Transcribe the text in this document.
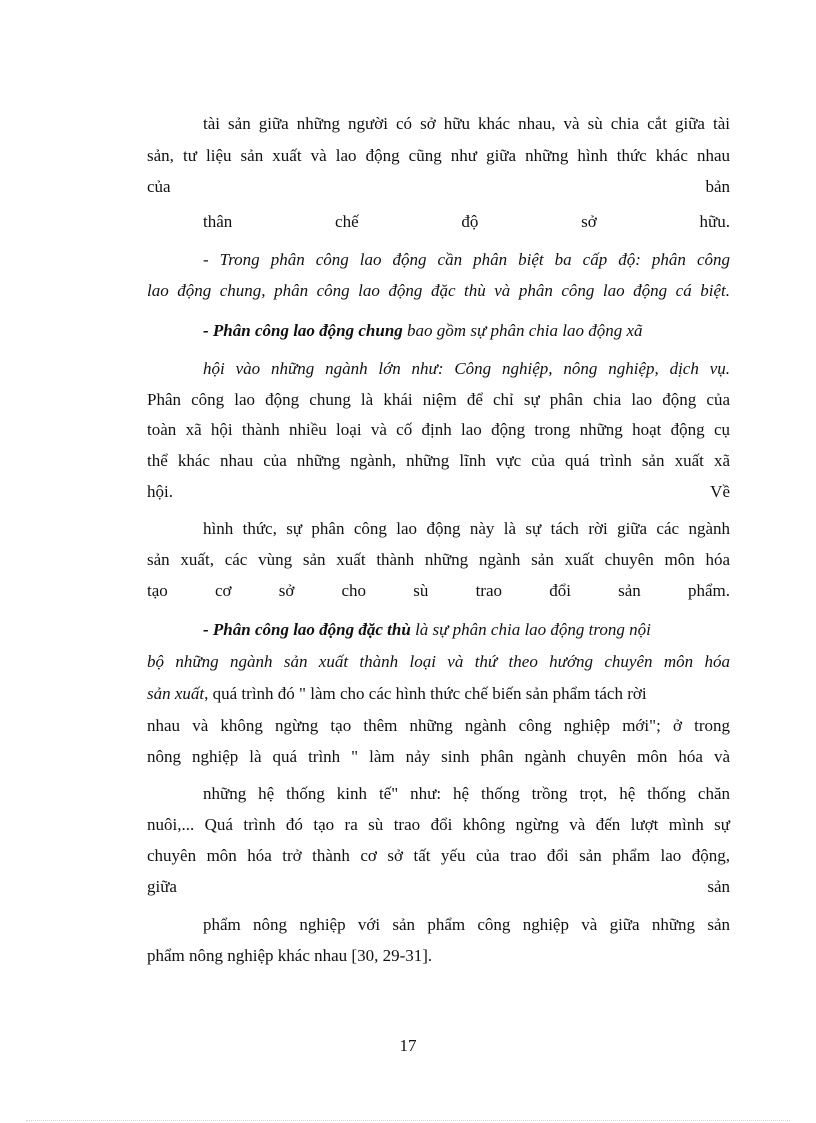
tài sản giữa những người có sở hữu khác nhau, và sù chia cắt giữa tài
sản, tư liệu sản xuất và lao động cũng như giữa những hình thức khác nhau
của bản
thân chế độ sở hữu.
- Trong phân công lao động cần phân biệt ba cấp độ: phân công
lao động chung, phân công lao động đặc thù và phân công lao động cá biệt.
- Phân công lao động chung bao gồm sự phân chia lao động xã
hội vào những ngành lớn như: Công nghiệp, nông nghiệp, dịch vụ.
Phân công lao động chung là khái niệm để chỉ sự phân chia lao động của
toàn xã hội thành nhiều loại và cố định lao động trong những hoạt động cụ
thể khác nhau của những ngành, những lĩnh vực của quá trình sản xuất xã
hội. Về
hình thức, sự phân công lao động này là sự tách rời giữa các ngành
sản xuất, các vùng sản xuất thành những ngành sản xuất chuyên môn hóa
tạo cơ sở cho sù trao đổi sản phẩm.
- Phân công lao động đặc thù là sự phân chia lao động trong nội
bộ những ngành sản xuất thành loại và thứ theo hướng chuyên môn hóa
sản xuất, quá trình đó " làm cho các hình thức chế biến sản phẩm tách rời
nhau và không ngừng tạo thêm những ngành công nghiệp mới"; ở trong
nông nghiệp là quá trình " làm nảy sinh phân ngành chuyên môn hóa và
những hệ thống kinh tế" như: hệ thống trồng trọt, hệ thống chăn
nuôi,... Quá trình đó tạo ra sù trao đổi không ngừng và đến lượt mình sự
chuyên môn hóa trở thành cơ sở tất yếu của trao đổi sản phẩm lao động,
giữa sản
phẩm nông nghiệp với sản phẩm công nghiệp và giữa những sản
phẩm nông nghiệp khác nhau [30, 29-31].
17
